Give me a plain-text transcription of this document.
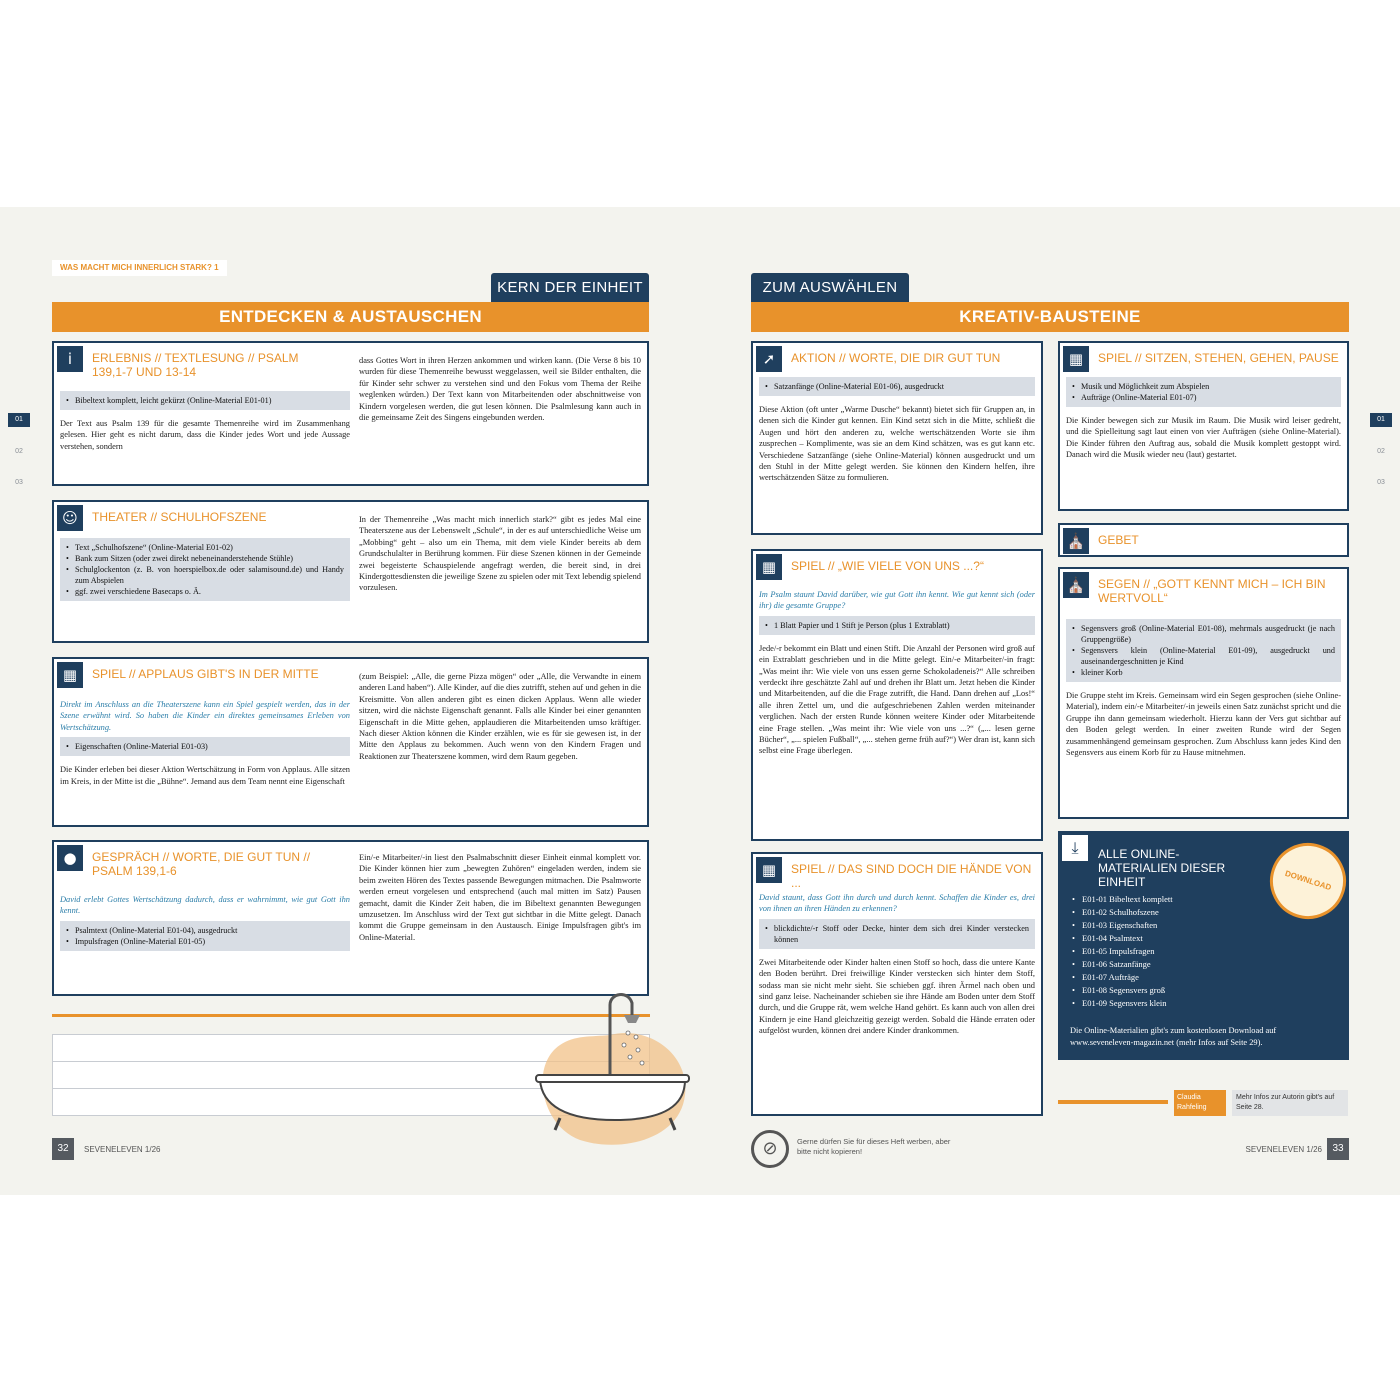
WAS MACHT MICH INNERLICH STARK? 1
KERN DER EINHEIT
ENTDECKEN & AUSTAUSCHEN
ZUM AUSWÄHLEN
KREATIV-BAUSTEINE
01
02
03
01
02
03
i	ERLEBNIS // TEXTLESUNG // PSALM 139,1-7 UND 13-14
• Bibeltext komplett, leicht gekürzt (Online-Material E01-01)

Der Text aus Psalm 139 für die gesamte Themenreihe wird im Zusammenhang gelesen. Hier geht es nicht darum, dass die Kinder jedes Wort und jede Aussage verstehen, sondern

dass Gottes Wort in ihren Herzen ankommen und wirken kann. (Die Verse 8 bis 10 wurden für diese Themenreihe bewusst weggelassen, weil sie Bilder enthalten, die für Kinder sehr schwer zu verstehen sind und den Fokus vom Thema der Reihe weglenken würden.) Der Text kann von Mitarbeitenden oder abschnittweise von Kindern vorgelesen werden, die gut lesen können. Die Psalmlesung kann auch in die gemeinsame Zeit des Singens eingebunden werden.

☺	THEATER // SCHULHOFSZENE
• Text „Schulhofszene“ (Online-Material E01-02)
• Bank zum Sitzen (oder zwei direkt nebeneinanderstehende Stühle)
• Schulglockenton (z. B. von hoerspielbox.de oder salamisound.de) und Handy zum Abspielen
• ggf. zwei verschiedene Basecaps o. Ä.

In der Themenreihe „Was macht mich innerlich stark?“ gibt es jedes Mal eine Theaterszene aus der Lebenswelt „Schule“, in der es auf unterschiedliche Weise um „Mobbing“ geht – also um ein Thema, mit dem viele Kinder bereits ab dem Grundschulalter in Berührung kommen. Für diese Szenen können in der Gemeinde zwei begeisterte Schauspielende angefragt werden, die bereit sind, in drei Kindergottesdiensten die jeweilige Szene zu spielen oder mit Text lebendig spielend vorzulesen.

▦	SPIEL // APPLAUS GIBT'S IN DER MITTE

Direkt im Anschluss an die Theaterszene kann ein Spiel gespielt werden, das in der Szene erwähnt wird. So haben die Kinder ein direktes gemeinsames Erleben von Wertschätzung.

• Eigenschaften (Online-Material E01-03)

Die Kinder erleben bei dieser Aktion Wertschätzung in Form von Applaus. Alle sitzen im Kreis, in der Mitte ist die „Bühne“. Jemand aus dem Team nennt eine Eigenschaft

(zum Beispiel: „Alle, die gerne Pizza mögen“ oder „Alle, die Verwandte in einem anderen Land haben“). Alle Kinder, auf die dies zutrifft, stehen auf und gehen in die Kreismitte. Von allen anderen gibt es einen dicken Applaus. Wenn alle wieder sitzen, wird die nächste Eigenschaft genannt. Falls alle Kinder bei einer genannten Eigenschaft in die Mitte gehen, applaudieren die Mitarbeitenden umso kräftiger. Nach dieser Aktion können die Kinder erzählen, wie es für sie gewesen ist, in der Mitte den Applaus zu bekommen. Auch wenn von den Kindern Fragen und Reaktionen zur Theaterszene kommen, wird dem Raum gegeben.

●	GESPRÄCH // WORTE, DIE GUT TUN // PSALM 139,1-6

David erlebt Gottes Wertschätzung dadurch, dass er wahrnimmt, wie gut Gott ihn kennt.

• Psalmtext (Online-Material E01-04), ausgedruckt
• Impulsfragen (Online-Material E01-05)

Ein/-e Mitarbeiter/-in liest den Psalmabschnitt dieser Einheit einmal komplett vor. Die Kinder können hier zum „bewegten Zuhören“ eingeladen werden, indem sie beim zweiten Hören des Textes passende Bewegungen mitmachen. Die Psalmworte werden erneut vorgelesen und entsprechend (auch mal mitten im Satz) Pausen gemacht, damit die Kinder Zeit haben, die im Bibeltext genannten Bewegungen umzusetzen. Im Anschluss wird der Text gut sichtbar in die Mitte gelegt. Danach kommt die Gruppe gemeinsam in den Austausch. Einige Impulsfragen gibt's im Online-Material.

32	SEVENELEVEN 1/26
➚	AKTION // WORTE, DIE DIR GUT TUN
• Satzanfänge (Online-Material E01-06), ausgedruckt

Diese Aktion (oft unter „Warme Dusche“ bekannt) bietet sich für Gruppen an, in denen sich die Kinder gut kennen. Ein Kind setzt sich in die Mitte, schließt die Augen und hört den anderen zu, welche wertschätzenden Worte sie ihm zusprechen – Komplimente, was sie an dem Kind schätzen, was es gut kann etc. Verschiedene Satzanfänge (siehe Online-Material) können ausgedruckt und um den Stuhl in der Mitte gelegt werden. Sie können den Kindern helfen, ihre wertschätzenden Sätze zu formulieren.

▦	SPIEL // „WIE VIELE VON UNS ...?“

Im Psalm staunt David darüber, wie gut Gott ihn kennt. Wie gut kennt sich (oder ihr) die gesamte Gruppe?

• 1 Blatt Papier und 1 Stift je Person (plus 1 Extrablatt)

Jede/-r bekommt ein Blatt und einen Stift. Die Anzahl der Personen wird groß auf ein Extrablatt geschrieben und in die Mitte gelegt. Ein/-e Mitarbeiter/-in fragt: „Was meint ihr: Wie viele von uns essen gerne Schokoladeneis?“ Alle schreiben verdeckt ihre geschätzte Zahl auf und drehen ihr Blatt um. Jetzt heben die Kinder und Mitarbeitenden, auf die die Frage zutrifft, die Hand. Dann drehen auf „Los!“ alle ihren Zettel um, und die aufgeschriebenen Zahlen werden miteinander verglichen. Nach der ersten Runde können weitere Kinder oder Mitarbeitende eine Frage stellen. „Was meint ihr: Wie viele von uns ...?“ („... lesen gerne Bücher“, „... spielen Fußball“, „... stehen gerne früh auf?“) Wer dran ist, kann sich selbst eine Frage überlegen.

▦	SPIEL // DAS SIND DOCH DIE HÄNDE VON ...

David staunt, dass Gott ihn durch und durch kennt. Schaffen die Kinder es, drei von ihnen an ihren Händen zu erkennen?

• blickdichte/-r Stoff oder Decke, hinter dem sich drei Kinder verstecken können

Zwei Mitarbeitende oder Kinder halten einen Stoff so hoch, dass die untere Kante den Boden berührt. Drei freiwillige Kinder verstecken sich hinter dem Stoff, sodass man sie nicht mehr sieht. Sie schieben ggf. ihren Ärmel nach oben und sind ganz leise. Nacheinander schieben sie ihre Hände am Boden unter dem Stoff durch, und die Gruppe rät, wem welche Hand gehört. Es kann auch von allen drei Kindern je eine Hand gleichzeitig gezeigt werden. Sobald die Hände erraten oder aufgelöst wurden, können drei andere Kinder drankommen.

▦	SPIEL // SITZEN, STEHEN, GEHEN, PAUSE
• Musik und Möglichkeit zum Abspielen
• Aufträge (Online-Material E01-07)

Die Kinder bewegen sich zur Musik im Raum. Die Musik wird leiser gedreht, und die Spielleitung sagt laut einen von vier Aufträgen (siehe Online-Material). Die Kinder führen den Auftrag aus, sobald die Musik komplett gestoppt wird. Danach wird die Musik wieder neu (laut) gestartet.

⛪	GEBET
⛪	SEGEN // „GOTT KENNT MICH – ICH BIN WERTVOLL“
• Segensvers groß (Online-Material E01-08), mehrmals ausgedruckt (je nach Gruppengröße)
• Segensvers klein (Online-Material E01-09), ausgedruckt und auseinandergeschnitten je Kind
• kleiner Korb

Die Gruppe steht im Kreis. Gemeinsam wird ein Segen gesprochen (siehe Online-Material), indem ein/-e Mitarbeiter/-in jeweils einen Satz zunächst spricht und die Gruppe ihn dann gemeinsam wiederholt. Hierzu kann der Vers gut sichtbar auf den Boden gelegt werden. In einer zweiten Runde wird der Segen zusammenhängend gemeinsam gesprochen. Zum Abschluss kann jedes Kind den Segensvers aus einem Korb für zu Hause mitnehmen.

⤓	ALLE ONLINE-MATERIALIEN DIESER EINHEIT	DOWNLOAD
• E01-01 Bibeltext komplett
• E01-02 Schulhofszene
• E01-03 Eigenschaften
• E01-04 Psalmtext
• E01-05 Impulsfragen
• E01-06 Satzanfänge
• E01-07 Aufträge
• E01-08 Segensvers groß
• E01-09 Segensvers klein
Die Online-Materialien gibt's zum kostenlosen Download auf www.seveneleven-magazin.net (mehr Infos auf Seite 29).
Claudia Rahfeling
Mehr Infos zur Autorin gibt's auf Seite 28.
⊘	Gerne dürfen Sie für dieses Heft werben, aber bitte nicht kopieren!	SEVENELEVEN 1/26	33
